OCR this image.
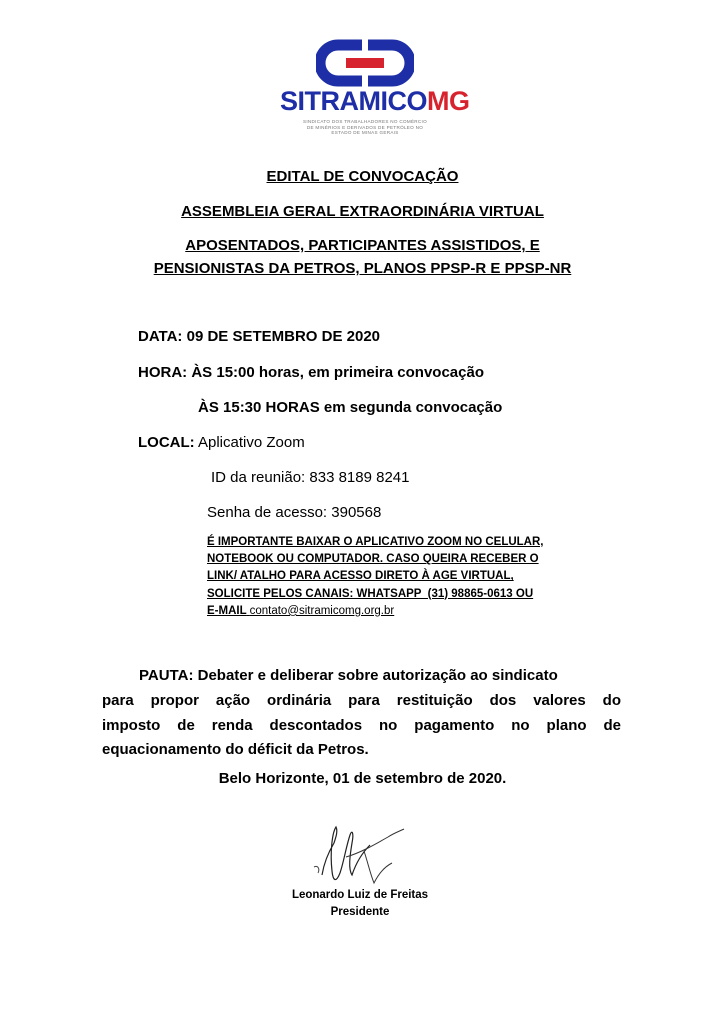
SITRAMICOMG
SINDICATO DOS TRABALHADORES NO COMÉRCIO DE MINÉRIOS E DERIVADOS DE PETRÓLEO NO ESTADO DE MINAS GERAIS
EDITAL DE CONVOCAÇÃO
ASSEMBLEIA GERAL EXTRAORDINÁRIA VIRTUAL
APOSENTADOS, PARTICIPANTES ASSISTIDOS, E
PENSIONISTAS DA PETROS, PLANOS PPSP-R E PPSP-NR
DATA: 09 DE SETEMBRO DE 2020
HORA: ÀS 15:00 horas, em primeira convocação
ÀS 15:30 HORAS em segunda convocação
LOCAL: Aplicativo Zoom
ID da reunião: 833 8189 8241
Senha de acesso: 390568
É IMPORTANTE BAIXAR O APLICATIVO ZOOM NO CELULAR,
NOTEBOOK OU COMPUTADOR. CASO QUEIRA RECEBER O
LINK/ ATALHO PARA ACESSO DIRETO À AGE VIRTUAL,
SOLICITE PELOS CANAIS: WHATSAPP  (31) 98865-0613 OU
E-MAIL contato@sitramicomg.org.br
PAUTA: Debater e deliberar sobre autorização ao sindicato
para propor ação ordinária para restituição dos valores do
imposto de renda descontados no pagamento no plano de
equacionamento do déficit da Petros.
Belo Horizonte, 01 de setembro de 2020.
Leonardo Luiz de Freitas
Presidente
